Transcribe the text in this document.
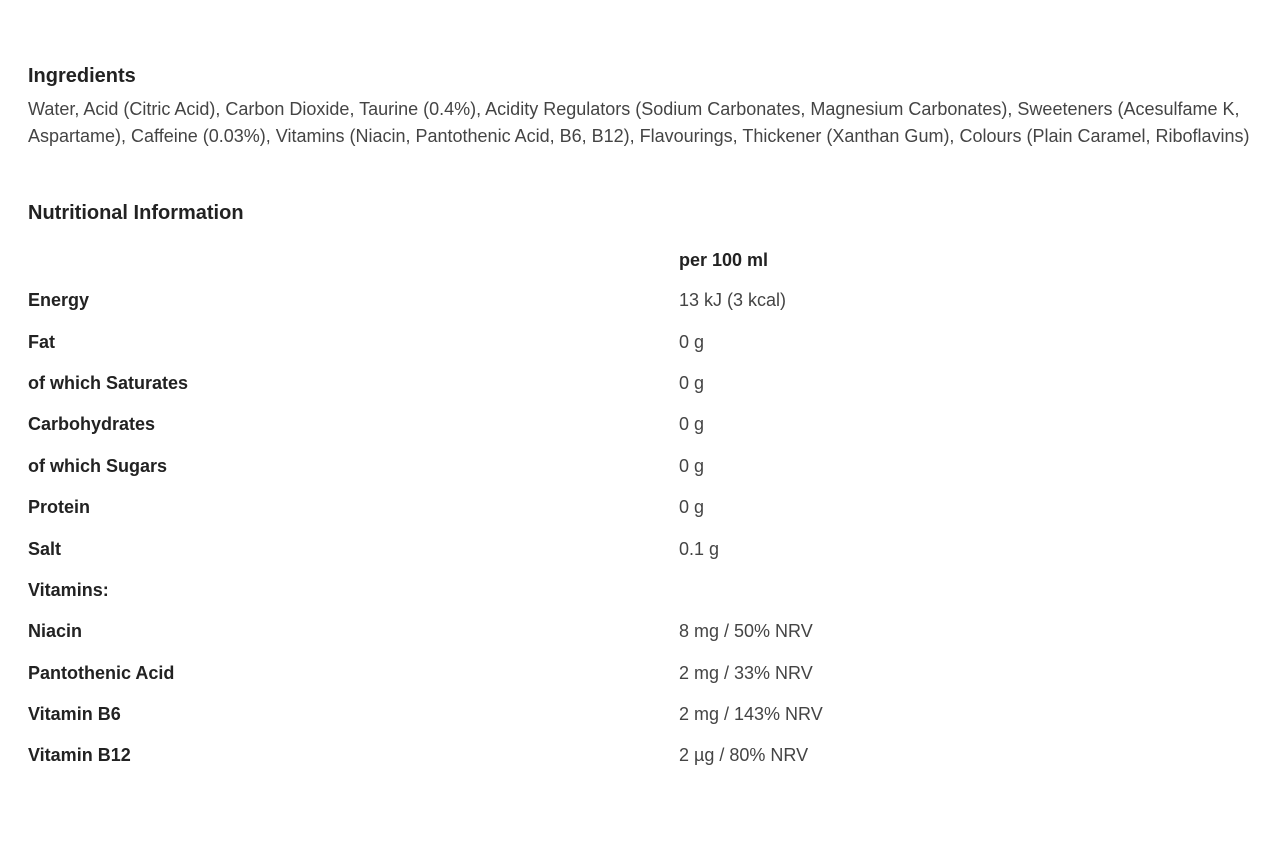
Ingredients

Water, Acid (Citric Acid), Carbon Dioxide, Taurine (0.4%), Acidity Regulators (Sodium Carbonates, Magnesium Carbonates), Sweeteners (Acesulfame K, Aspartame), Caffeine (0.03%), Vitamins (Niacin, Pantothenic Acid, B6, B12), Flavourings, Thickener (Xanthan Gum), Colours (Plain Caramel, Riboflavins)

Nutritional Information
	per 100 ml
Energy	13 kJ (3 kcal)
Fat	0 g
of which Saturates	0 g
Carbohydrates	0 g
of which Sugars	0 g
Protein	0 g
Salt	0.1 g
Vitamins:	
Niacin	8 mg / 50% NRV
Pantothenic Acid	2 mg / 33% NRV
Vitamin B6	2 mg / 143% NRV
Vitamin B12	2 µg / 80% NRV
